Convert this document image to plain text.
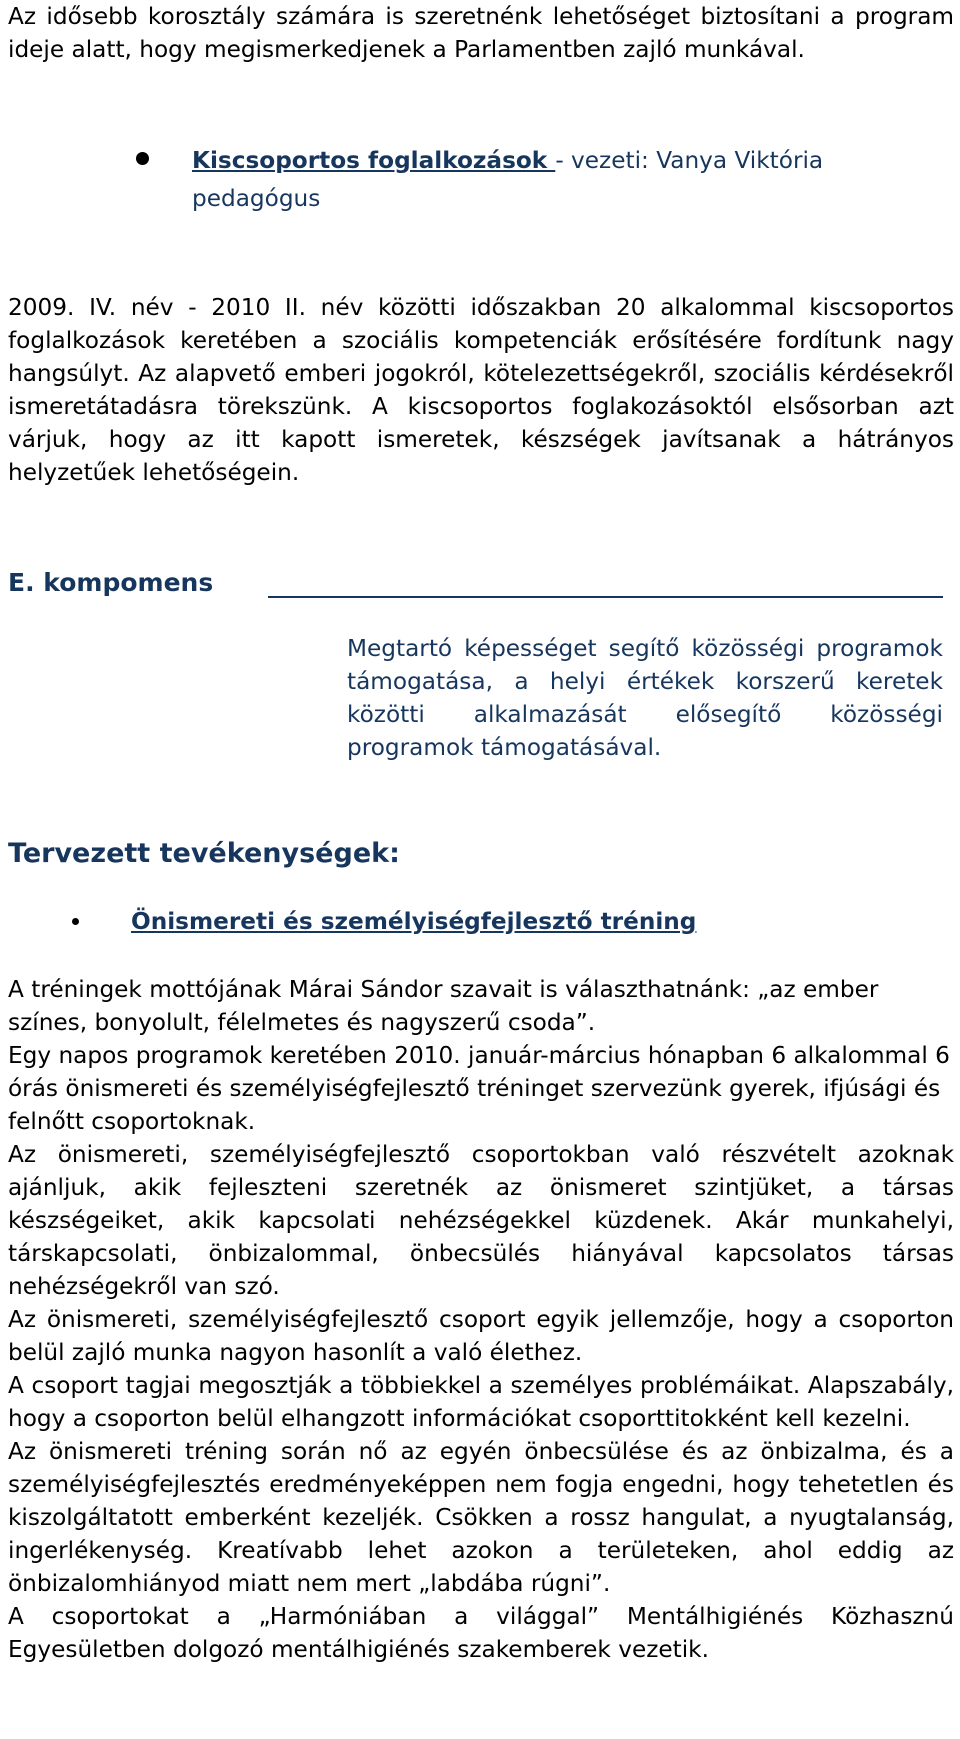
Az idősebb korosztály számára is szeretnénk lehetőséget biztosítani a program ideje alatt, hogy megismerkedjenek a Parlamentben zajló munkával.

Kiscsoportos foglalkozások - vezeti: Vanya Viktória
pedagógus

2009. IV. név - 2010 II. név közötti időszakban 20 alkalommal kiscsoportos foglalkozások keretében a szociális kompetenciák erősítésére fordítunk nagy hangsúlyt. Az alapvető emberi jogokról, kötelezettségekről, szociális kérdésekről ismeretátadásra törekszünk. A kiscsoportos foglakozásoktól elsősorban azt várjuk, hogy az itt kapott ismeretek, készségek javítsanak a hátrányos helyzetűek lehetőségein.

E. kompomens
Megtartó képességet segítő közösségi programok támogatása, a helyi értékek korszerű keretek közötti alkalmazását elősegítő közösségi programok támogatásával.
Tervezett tevékenységek:
Önismereti és személyiségfejlesztő tréning

A tréningek mottójának Márai Sándor szavait is választhatnánk: „az ember színes, bonyolult, félelmetes és nagyszerű csoda”.

Egy napos programok keretében 2010. január-március hónapban 6 alkalommal 6 órás önismereti és személyiségfejlesztő tréninget szervezünk gyerek, ifjúsági és felnőtt csoportoknak.

Az önismereti, személyiségfejlesztő csoportokban való részvételt azoknak ajánljuk, akik fejleszteni szeretnék az önismeret szintjüket, a társas készségeiket, akik kapcsolati nehézségekkel küzdenek. Akár munkahelyi, társkapcsolati, önbizalommal, önbecsülés hiányával kapcsolatos társas nehézségekről van szó.

Az önismereti, személyiségfejlesztő csoport egyik jellemzője, hogy a csoporton belül zajló munka nagyon hasonlít a való élethez.

A csoport tagjai megosztják a többiekkel a személyes problémáikat. Alapszabály, hogy a csoporton belül elhangzott információkat csoporttitokként kell kezelni.

Az önismereti tréning során nő az egyén önbecsülése és az önbizalma, és a személyiségfejlesztés eredményeképpen nem fogja engedni, hogy tehetetlen és kiszolgáltatott emberként kezeljék. Csökken a rossz hangulat, a nyugtalanság, ingerlékenység. Kreatívabb lehet azokon a területeken, ahol eddig az önbizalomhiányod miatt nem mert „labdába rúgni”.

A csoportokat a „Harmóniában a világgal” Mentálhigiénés Közhasznú Egyesületben dolgozó mentálhigiénés szakemberek vezetik.
